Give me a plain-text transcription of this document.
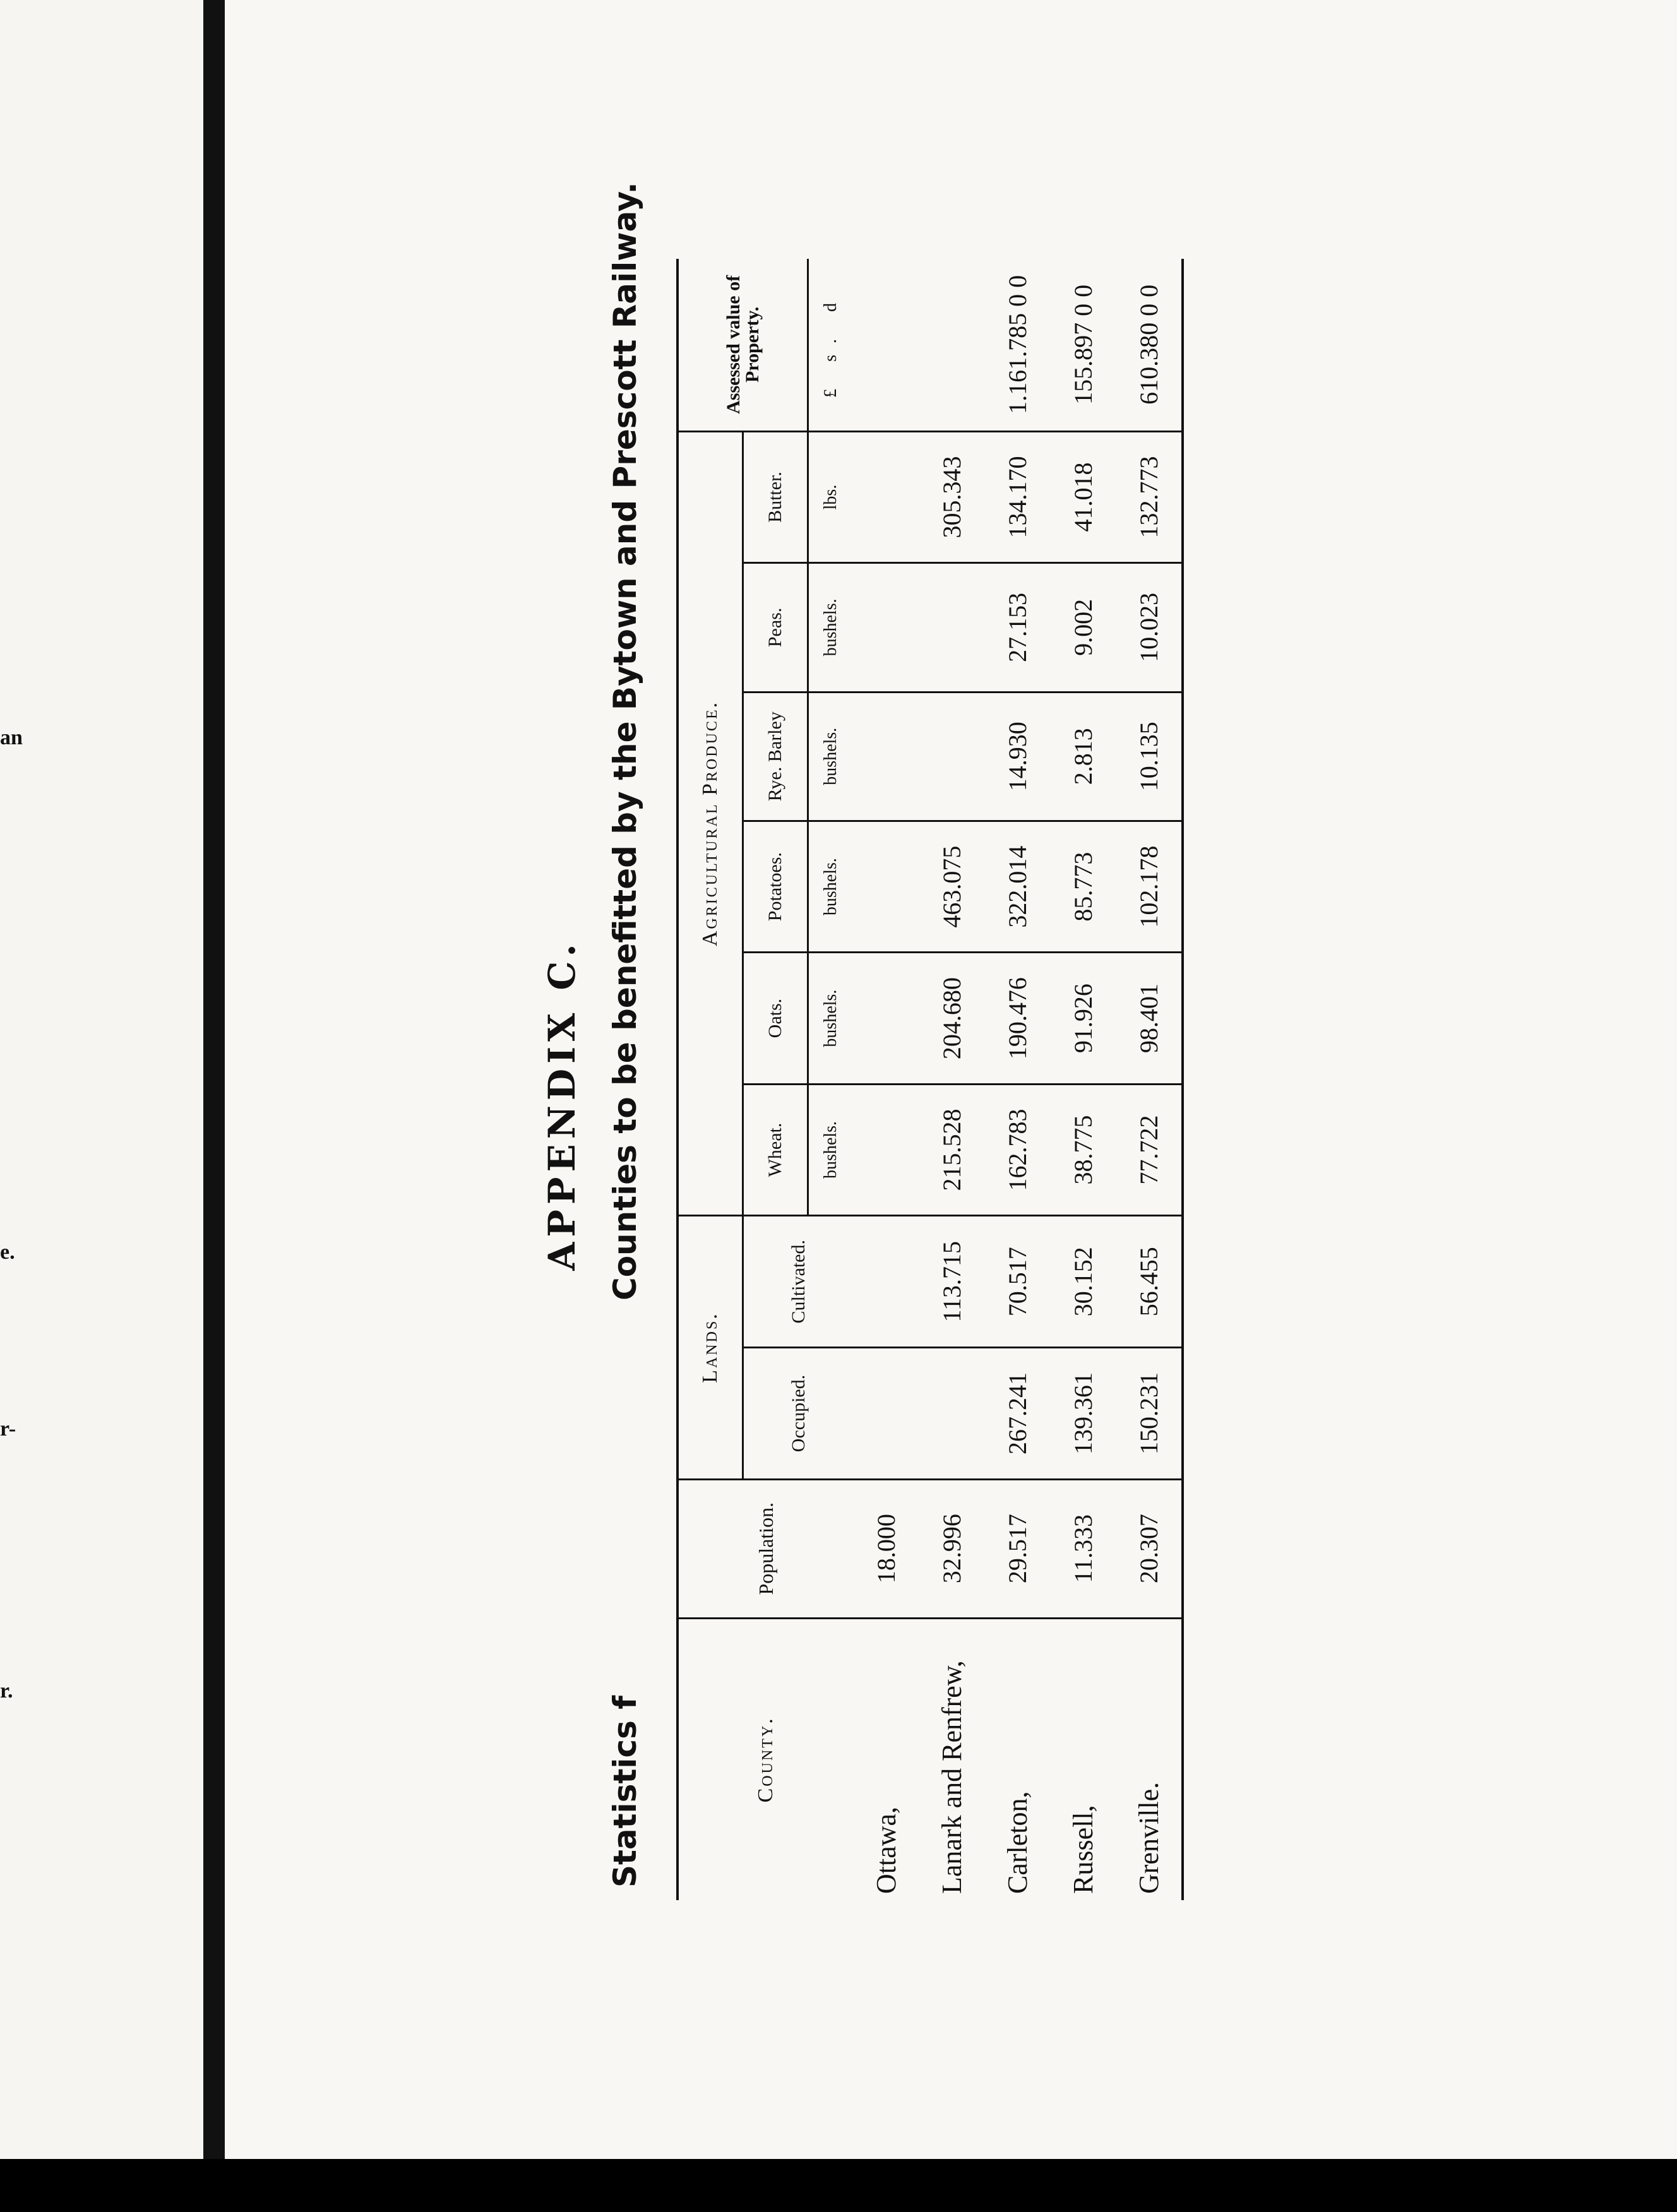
an
e.
r-
r.
APPENDIX C.
Statistics f
Counties to be benefitted by the Bytown and Prescott Railway.
County.	Population.	Lands.		Agricultural Produce.						Assessed value of Property.
		Occupied.	Cultivated.	Wheat.	Oats.	Potatoes.	Rye. Barley	Peas.	Butter.	
				bushels.	bushels.	bushels.	bushels.	bushels.	lbs.	£ s. d
Ottawa,	18.000									
Lanark and Renfrew,	32.996		113.715	215.528	204.680	463.075			305.343	
Carleton,	29.517	267.241	70.517	162.783	190.476	322.014	14.930	27.153	134.170	1.161.785 0 0
Russell,	11.333	139.361	30.152	38.775	91.926	85.773	2.813	9.002	41.018	155.897 0 0
Grenville.	20.307	150.231	56.455	77.722	98.401	102.178	10.135	10.023	132.773	610.380 0 0
